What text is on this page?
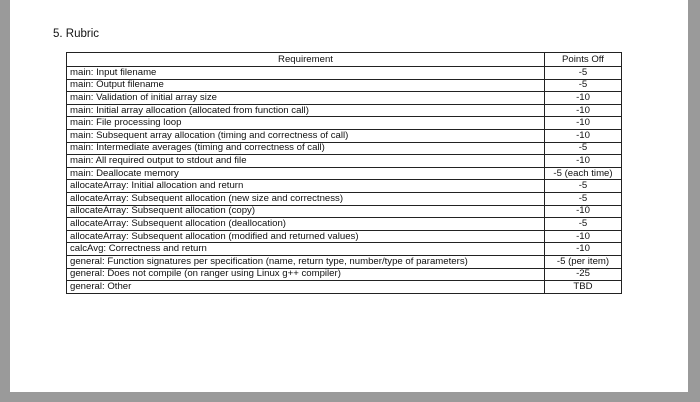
5. Rubric
Requirement	Points Off
main: Input filename	-5
main: Output filename	-5
main: Validation of initial array size	-10
main: Initial array allocation (allocated from function call)	-10
main: File processing loop	-10
main: Subsequent array allocation (timing and correctness of call)	-10
main: Intermediate averages (timing and correctness of call)	-5
main: All required output to stdout and file	-10
main: Deallocate memory	-5 (each time)
allocateArray: Initial allocation and return	-5
allocateArray: Subsequent allocation (new size and correctness)	-5
allocateArray: Subsequent allocation (copy)	-10
allocateArray: Subsequent allocation (deallocation)	-5
allocateArray: Subsequent allocation (modified and returned values)	-10
calcAvg: Correctness and return	-10
general: Function signatures per specification (name, return type, number/type of parameters)	-5 (per item)
general: Does not compile (on ranger using Linux g++ compiler)	-25
general: Other	TBD
